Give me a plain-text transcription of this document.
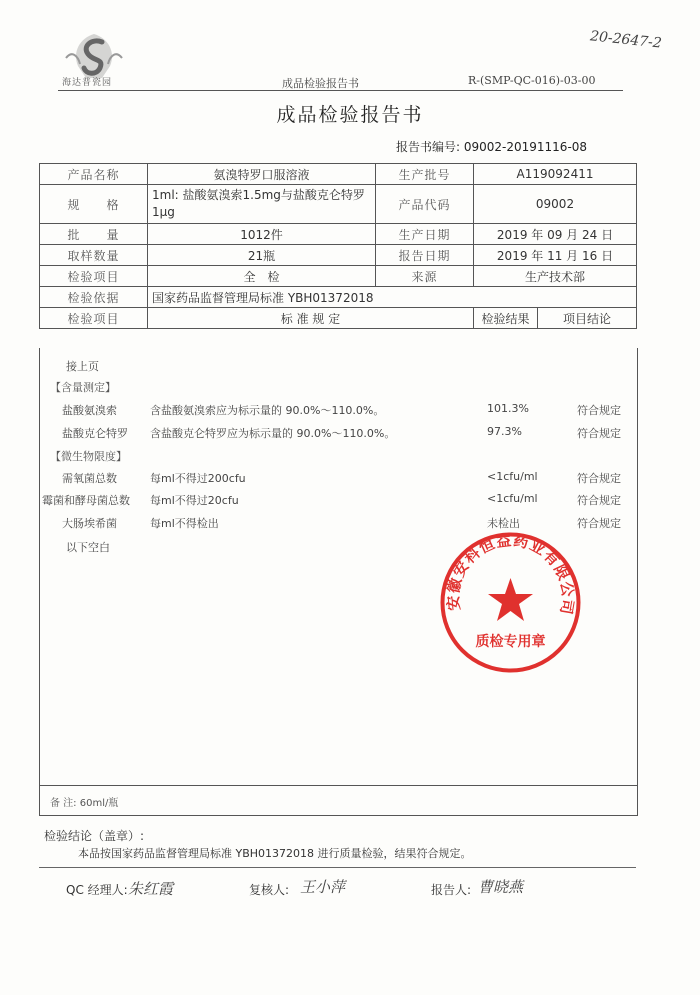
海达普瓷园
20-2647-2
成品检验报告书	R-(SMP-QC-016)-03-00
成品检验报告书
报告书编号: 09002-20191116-08
产品名称	氨溴特罗口服溶液	生产批号	A119092411	
规　　格	1ml: 盐酸氨溴索1.5mg与盐酸克仑特罗1μg	产品代码	09002	
批　　量	1012件	生产日期	2019 年 09 月 24 日	
取样数量	21瓶	报告日期	2019 年 11 月 16 日	
检验项目	全　检	来源	生产技术部	
检验依据	国家药品监督管理局标准 YBH01372018			
检验项目	标 准 规 定		检验结果	项目结论
接上页
【含量测定】
盐酸氨溴索	含盐酸氨溴索应为标示量的 90.0%～110.0%。	101.3%	符合规定
盐酸克仑特罗 含盐酸克仑特罗应为标示量的 90.0%～110.0%。	97.3%	符合规定
【微生物限度】
需氧菌总数	每ml不得过200cfu	<1cfu/ml	符合规定
霉菌和酵母菌总数 每ml不得过20cfu	<1cfu/ml	符合规定
大肠埃希菌	每ml不得检出	未检出	符合规定
以下空白
安徽安科恒益药业有限公司
质检专用章
备 注: 60ml/瓶
检验结论（盖章）:
本品按国家药品监督管理局标准 YBH01372018 进行质量检验，结果符合规定。
QC 经理人: 朱红霞	复核人: 王小萍	报告人: 曹晓燕
